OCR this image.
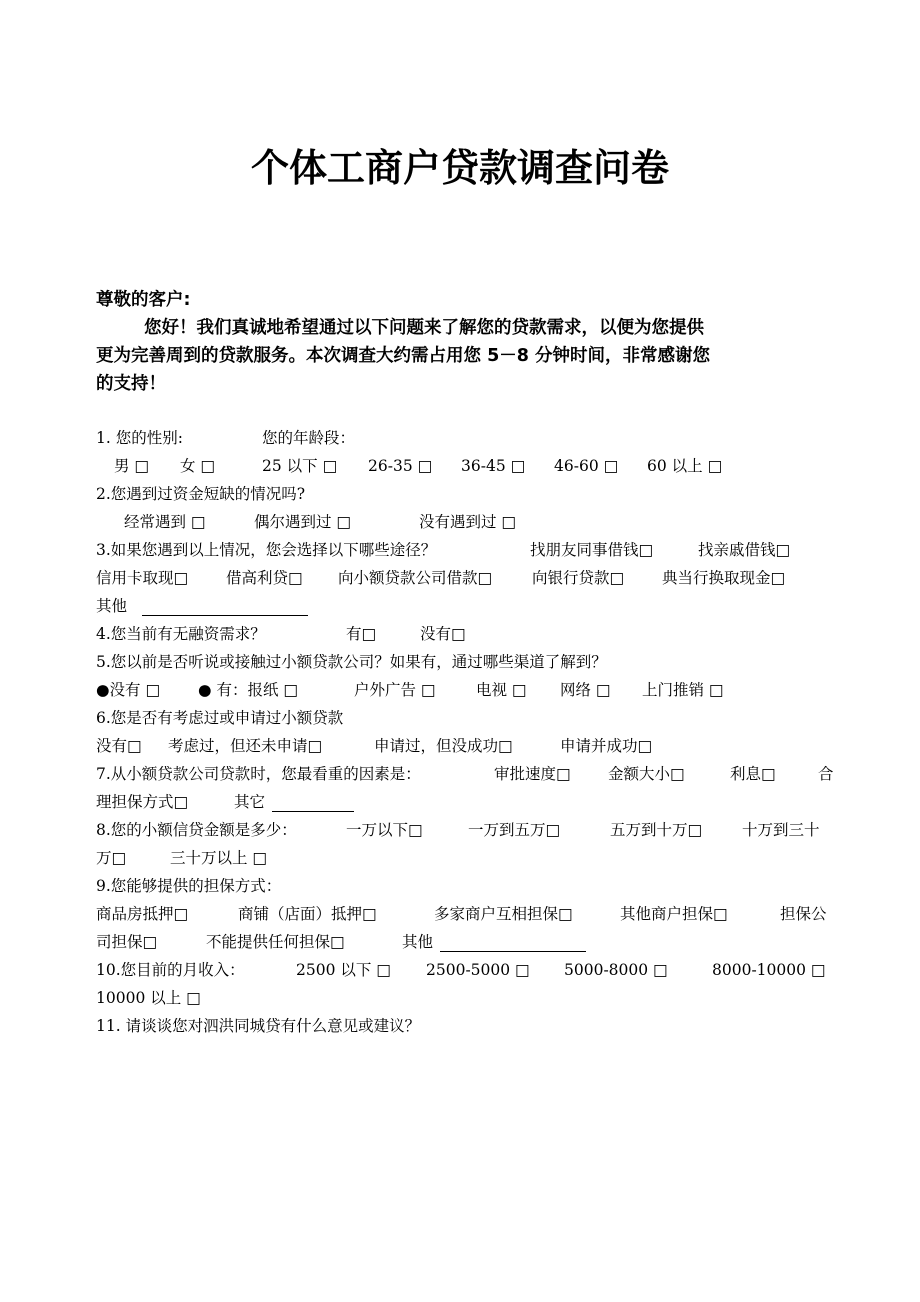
个体工商户贷款调查问卷
尊敬的客户:
您好！我们真诚地希望通过以下问题来了解您的贷款需求，以便为您提供
更为完善周到的贷款服务。本次调查大约需占用您 5－8 分钟时间，非常感谢您
的支持！
1. 您的性别:	您的年龄段：
男 □ 女 □	25 以下 □ 26-35 □ 36-45 □ 46-60 □ 60 以上 □
2.您遇到过资金短缺的情况吗?
经常遇到 □	偶尔遇到过 □	没有遇到过 □
3.如果您遇到以上情况，您会选择以下哪些途径？	找朋友同事借钱□	找亲戚借钱□
信用卡取现□ 借高利贷□ 向小额贷款公司借款□	向银行贷款□ 典当行换取现金□
其他
4.您当前有无融资需求？	有□	没有□
5.您以前是否听说或接触过小额贷款公司？如果有，通过哪些渠道了解到？
●没有 □ ● 有：报纸 □	户外广告 □	电视 □ 网络 □ 上门推销 □
6.您是否有考虑过或申请过小额贷款
没有□ 考虑过，但还未申请□	申请过，但没成功□	申请并成功□
7.从小额贷款公司贷款时，您最看重的因素是：	审批速度□ 金额大小□	利息□	合
理担保方式□	其它
8.您的小额信贷金额是多少：	一万以下□	一万到五万□	五万到十万□	十万到三十
万□	三十万以上 □
9.您能够提供的担保方式：
商品房抵押□	商铺（店面）抵押□	多家商户互相担保□	其他商户担保□	担保公
司担保□	不能提供任何担保□	其他
10.您目前的月收入：	2500 以下 □ 2500-5000 □ 5000-8000 □	8000-10000 □
10000 以上 □
11. 请谈谈您对泗洪同城贷有什么意见或建议？
